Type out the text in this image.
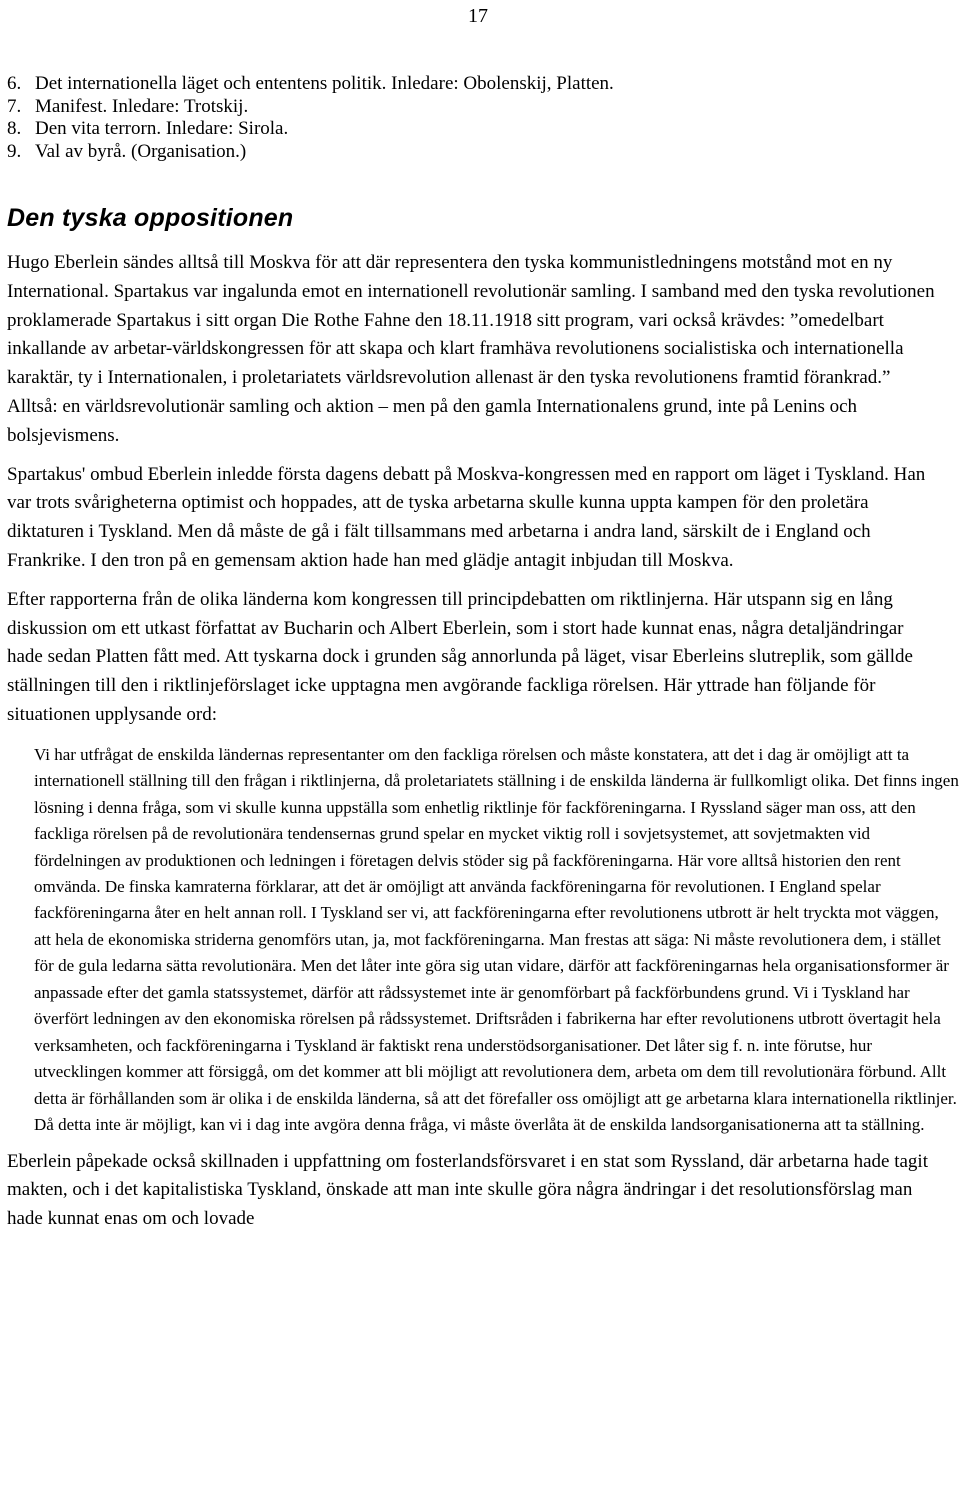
17
6. Det internationella läget och ententens politik. Inledare: Obolenskij, Platten.
7. Manifest. Inledare: Trotskij.
8. Den vita terrorn. Inledare: Sirola.
9. Val av byrå. (Organisation.)
Den tyska oppositionen

Hugo Eberlein sändes alltså till Moskva för att där representera den tyska kommunistledningens motstånd mot en ny International. Spartakus var ingalunda emot en internationell revolutionär samling. I samband med den tyska revolutionen proklamerade Spartakus i sitt organ Die Rothe Fahne den 18.11.1918 sitt program, vari också krävdes: ”omedelbart inkallande av arbetar-världskongressen för att skapa och klart framhäva revolutionens socialistiska och internationella karaktär, ty i Internationalen, i proletariatets världsrevolution allenast är den tyska revolutionens framtid förankrad.” Alltså: en världsrevolutionär samling och aktion – men på den gamla Internationalens grund, inte på Lenins och bolsjevismens.

Spartakus' ombud Eberlein inledde första dagens debatt på Moskva-kongressen med en rapport om läget i Tyskland. Han var trots svårigheterna optimist och hoppades, att de tyska arbetarna skulle kunna uppta kampen för den proletära diktaturen i Tyskland. Men då måste de gå i fält tillsammans med arbetarna i andra land, särskilt de i England och Frankrike. I den tron på en gemensam aktion hade han med glädje antagit inbjudan till Moskva.

Efter rapporterna från de olika länderna kom kongressen till principdebatten om riktlinjerna. Här utspann sig en lång diskussion om ett utkast författat av Bucharin och Albert Eberlein, som i stort hade kunnat enas, några detaljändringar hade sedan Platten fått med. Att tyskarna dock i grunden såg annorlunda på läget, visar Eberleins slutreplik, som gällde ställningen till den i riktlinjeförslaget icke upptagna men avgörande fackliga rörelsen. Här yttrade han följande för situationen upplysande ord:

Vi har utfrågat de enskilda ländernas representanter om den fackliga rörelsen och måste konstatera, att det i dag är omöjligt att ta internationell ställning till den frågan i riktlinjerna, då proletariatets ställning i de enskilda länderna är fullkomligt olika. Det finns ingen lösning i denna fråga, som vi skulle kunna uppställa som enhetlig riktlinje för fackföreningarna. I Ryssland säger man oss, att den fackliga rörelsen på de revolutionära tendensernas grund spelar en mycket viktig roll i sovjetsystemet, att sovjetmakten vid fördelningen av produktionen och ledningen i företagen delvis stöder sig på fackföreningarna. Här vore alltså historien den rent omvända. De finska kamraterna förklarar, att det är omöjligt att använda fackföreningarna för revolutionen. I England spelar fackföreningarna åter en helt annan roll. I Tyskland ser vi, att fackföreningarna efter revolutionens utbrott är helt tryckta mot väggen, att hela de ekonomiska striderna genomförs utan, ja, mot fackföreningarna. Man frestas att säga: Ni måste revolutionera dem, i stället för de gula ledarna sätta revolutionära. Men det låter inte göra sig utan vidare, därför att fackföreningarnas hela organisationsformer är anpassade efter det gamla statssystemet, därför att rådssystemet inte är genomförbart på fackförbundens grund. Vi i Tyskland har överfört ledningen av den ekonomiska rörelsen på rådssystemet. Driftsråden i fabrikerna har efter revolutionens utbrott övertagit hela verksamheten, och fackföreningarna i Tyskland är faktiskt rena understödsorganisationer. Det låter sig f. n. inte förutse, hur utvecklingen kommer att försiggå, om det kommer att bli möjligt att revolutionera dem, arbeta om dem till revolutionära förbund. Allt detta är förhållanden som är olika i de enskilda länderna, så att det förefaller oss omöjligt att ge arbetarna klara internationella riktlinjer. Då detta inte är möjligt, kan vi i dag inte avgöra denna fråga, vi måste överlåta ät de enskilda landsorganisationerna att ta ställning.

Eberlein påpekade också skillnaden i uppfattning om fosterlandsförsvaret i en stat som Ryssland, där arbetarna hade tagit makten, och i det kapitalistiska Tyskland, önskade att man inte skulle göra några ändringar i det resolutionsförslag man hade kunnat enas om och lovade
